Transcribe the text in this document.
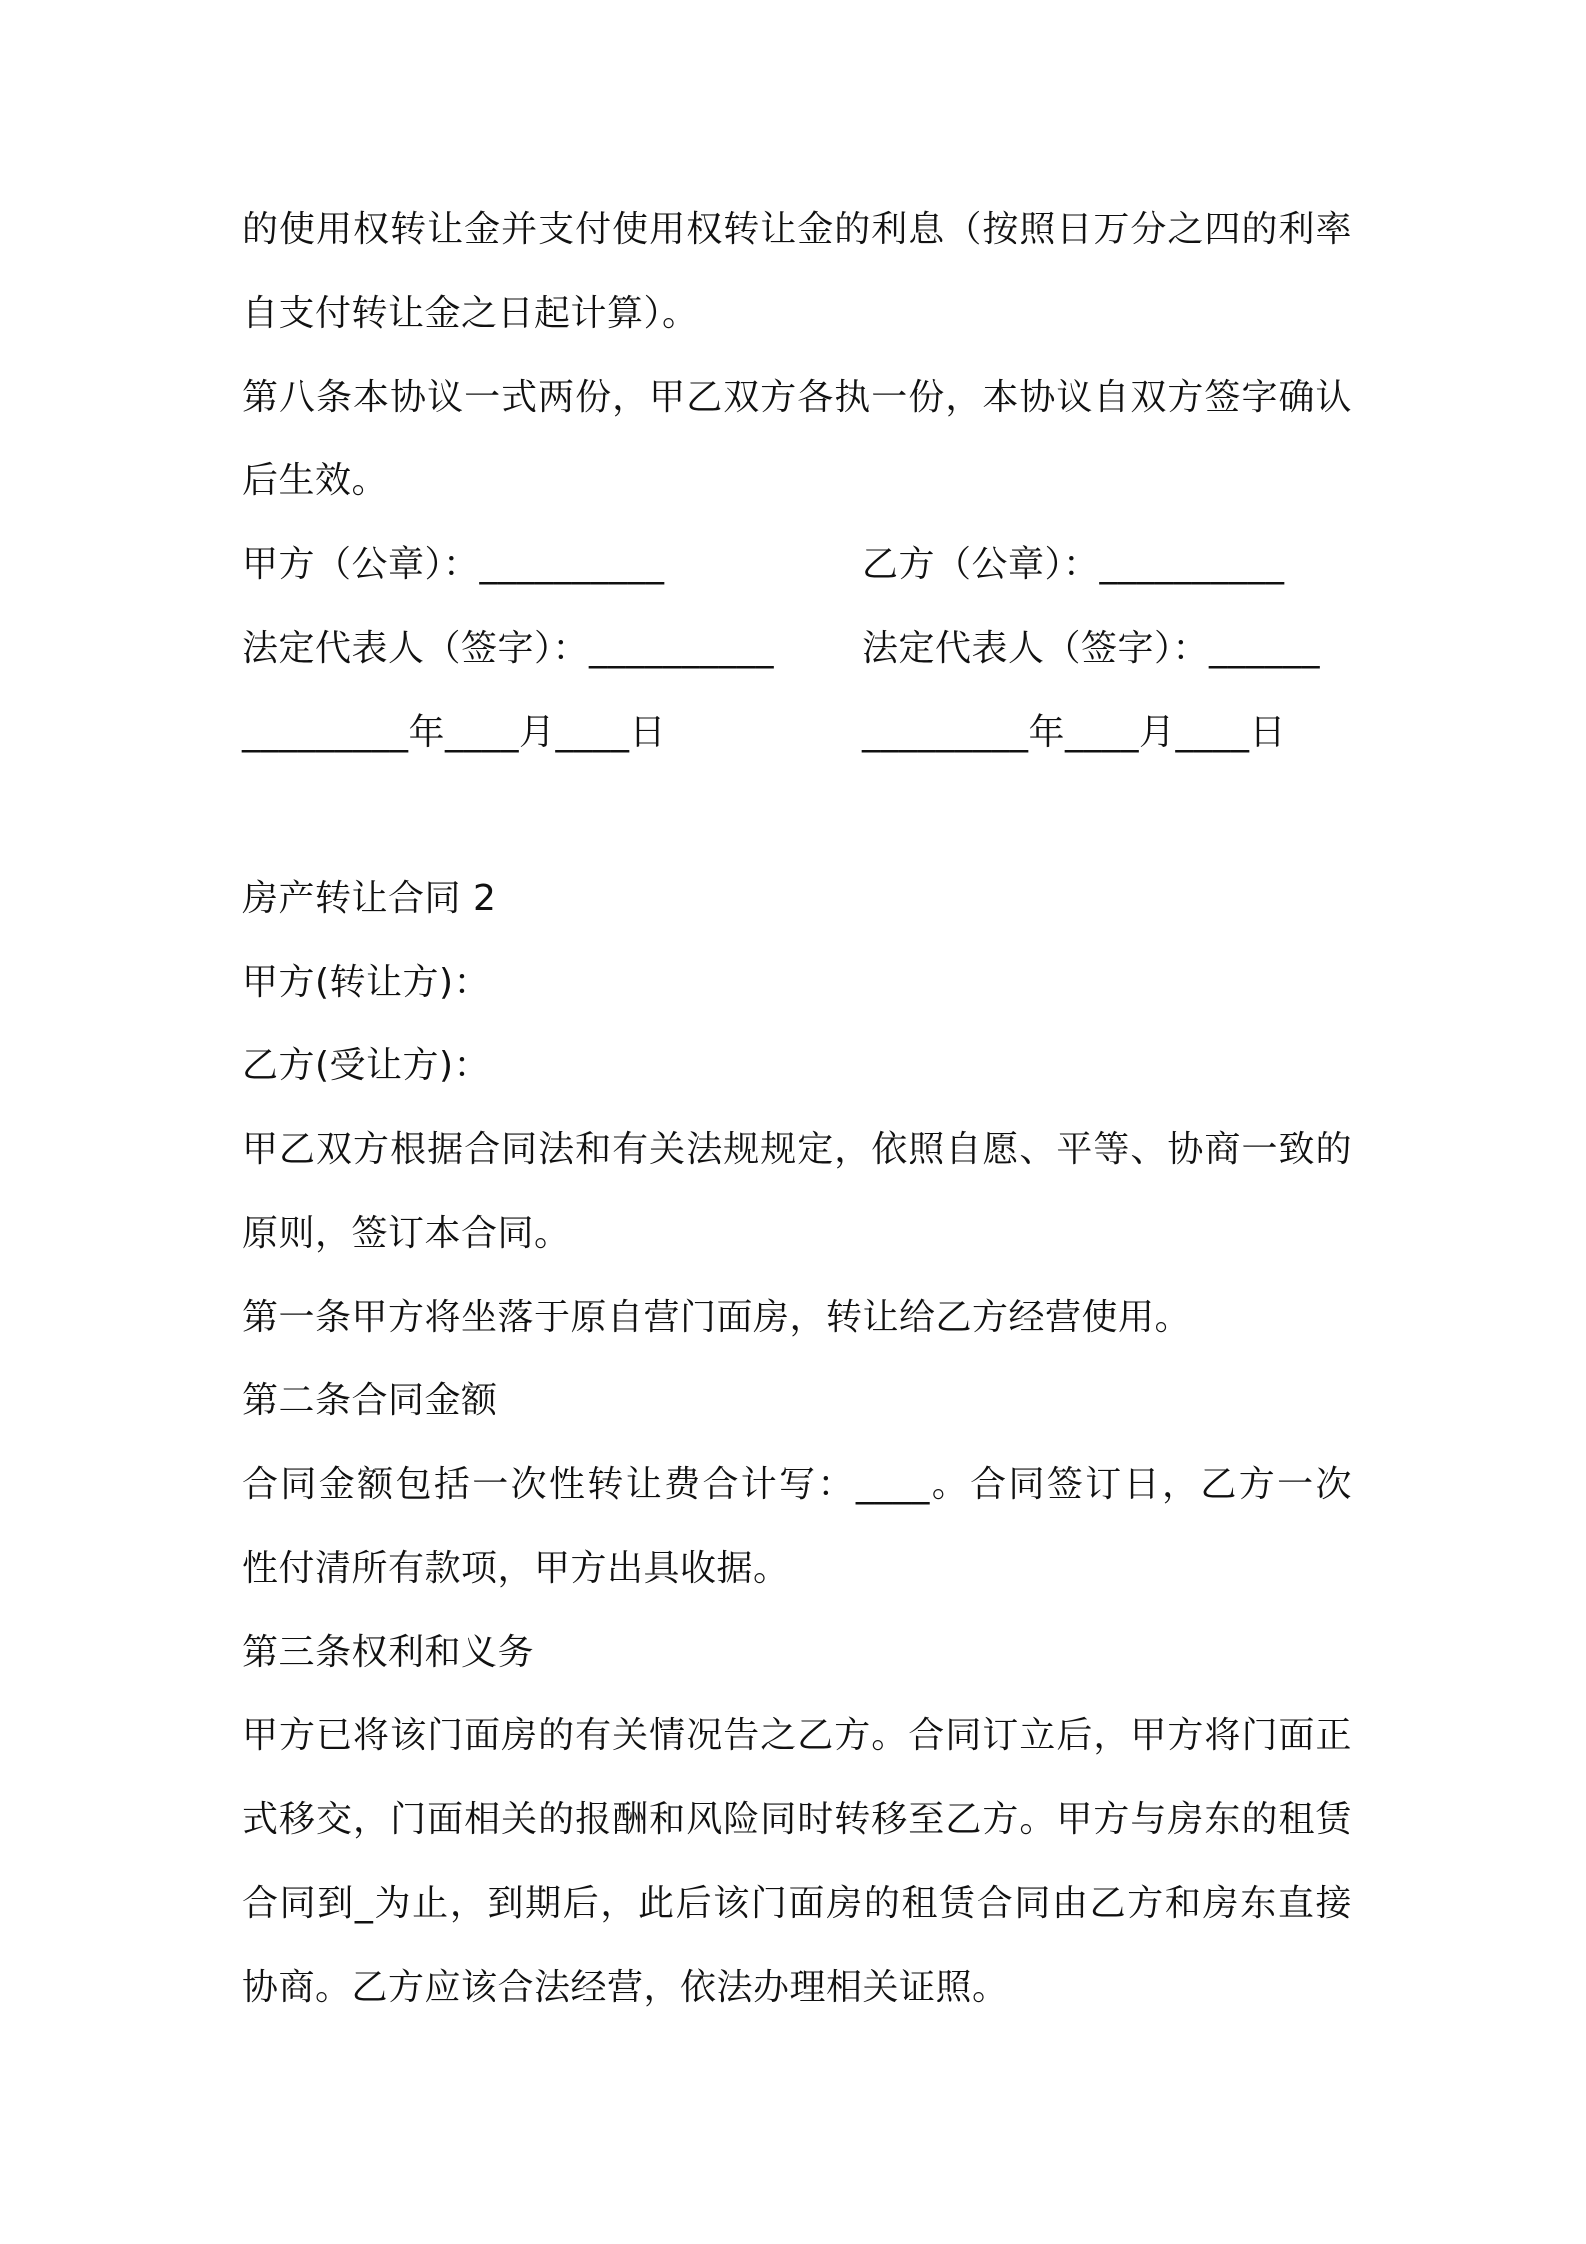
的使用权转让金并支付使用权转让金的利息（按照日万分之四的利率
自支付转让金之日起计算）。
第八条本协议一式两份，甲乙双方各执一份，本协议自双方签字确认
后生效。
甲方（公章）：__________	乙方（公章）：__________
法定代表人（签字）：__________ 法定代表人（签字）：______
_________年____月____日	_________年____月____日
房产转让合同 2
甲方(转让方)：
乙方(受让方)：
甲乙双方根据合同法和有关法规规定，依照自愿、平等、协商一致的
原则，签订本合同。
第一条甲方将坐落于原自营门面房，转让给乙方经营使用。
第二条合同金额
合同金额包括一次性转让费合计写：____。合同签订日，乙方一次
性付清所有款项，甲方出具收据。
第三条权利和义务
甲方已将该门面房的有关情况告之乙方。合同订立后，甲方将门面正
式移交，门面相关的报酬和风险同时转移至乙方。甲方与房东的租赁
合同到_为止，到期后，此后该门面房的租赁合同由乙方和房东直接
协商。乙方应该合法经营，依法办理相关证照。
